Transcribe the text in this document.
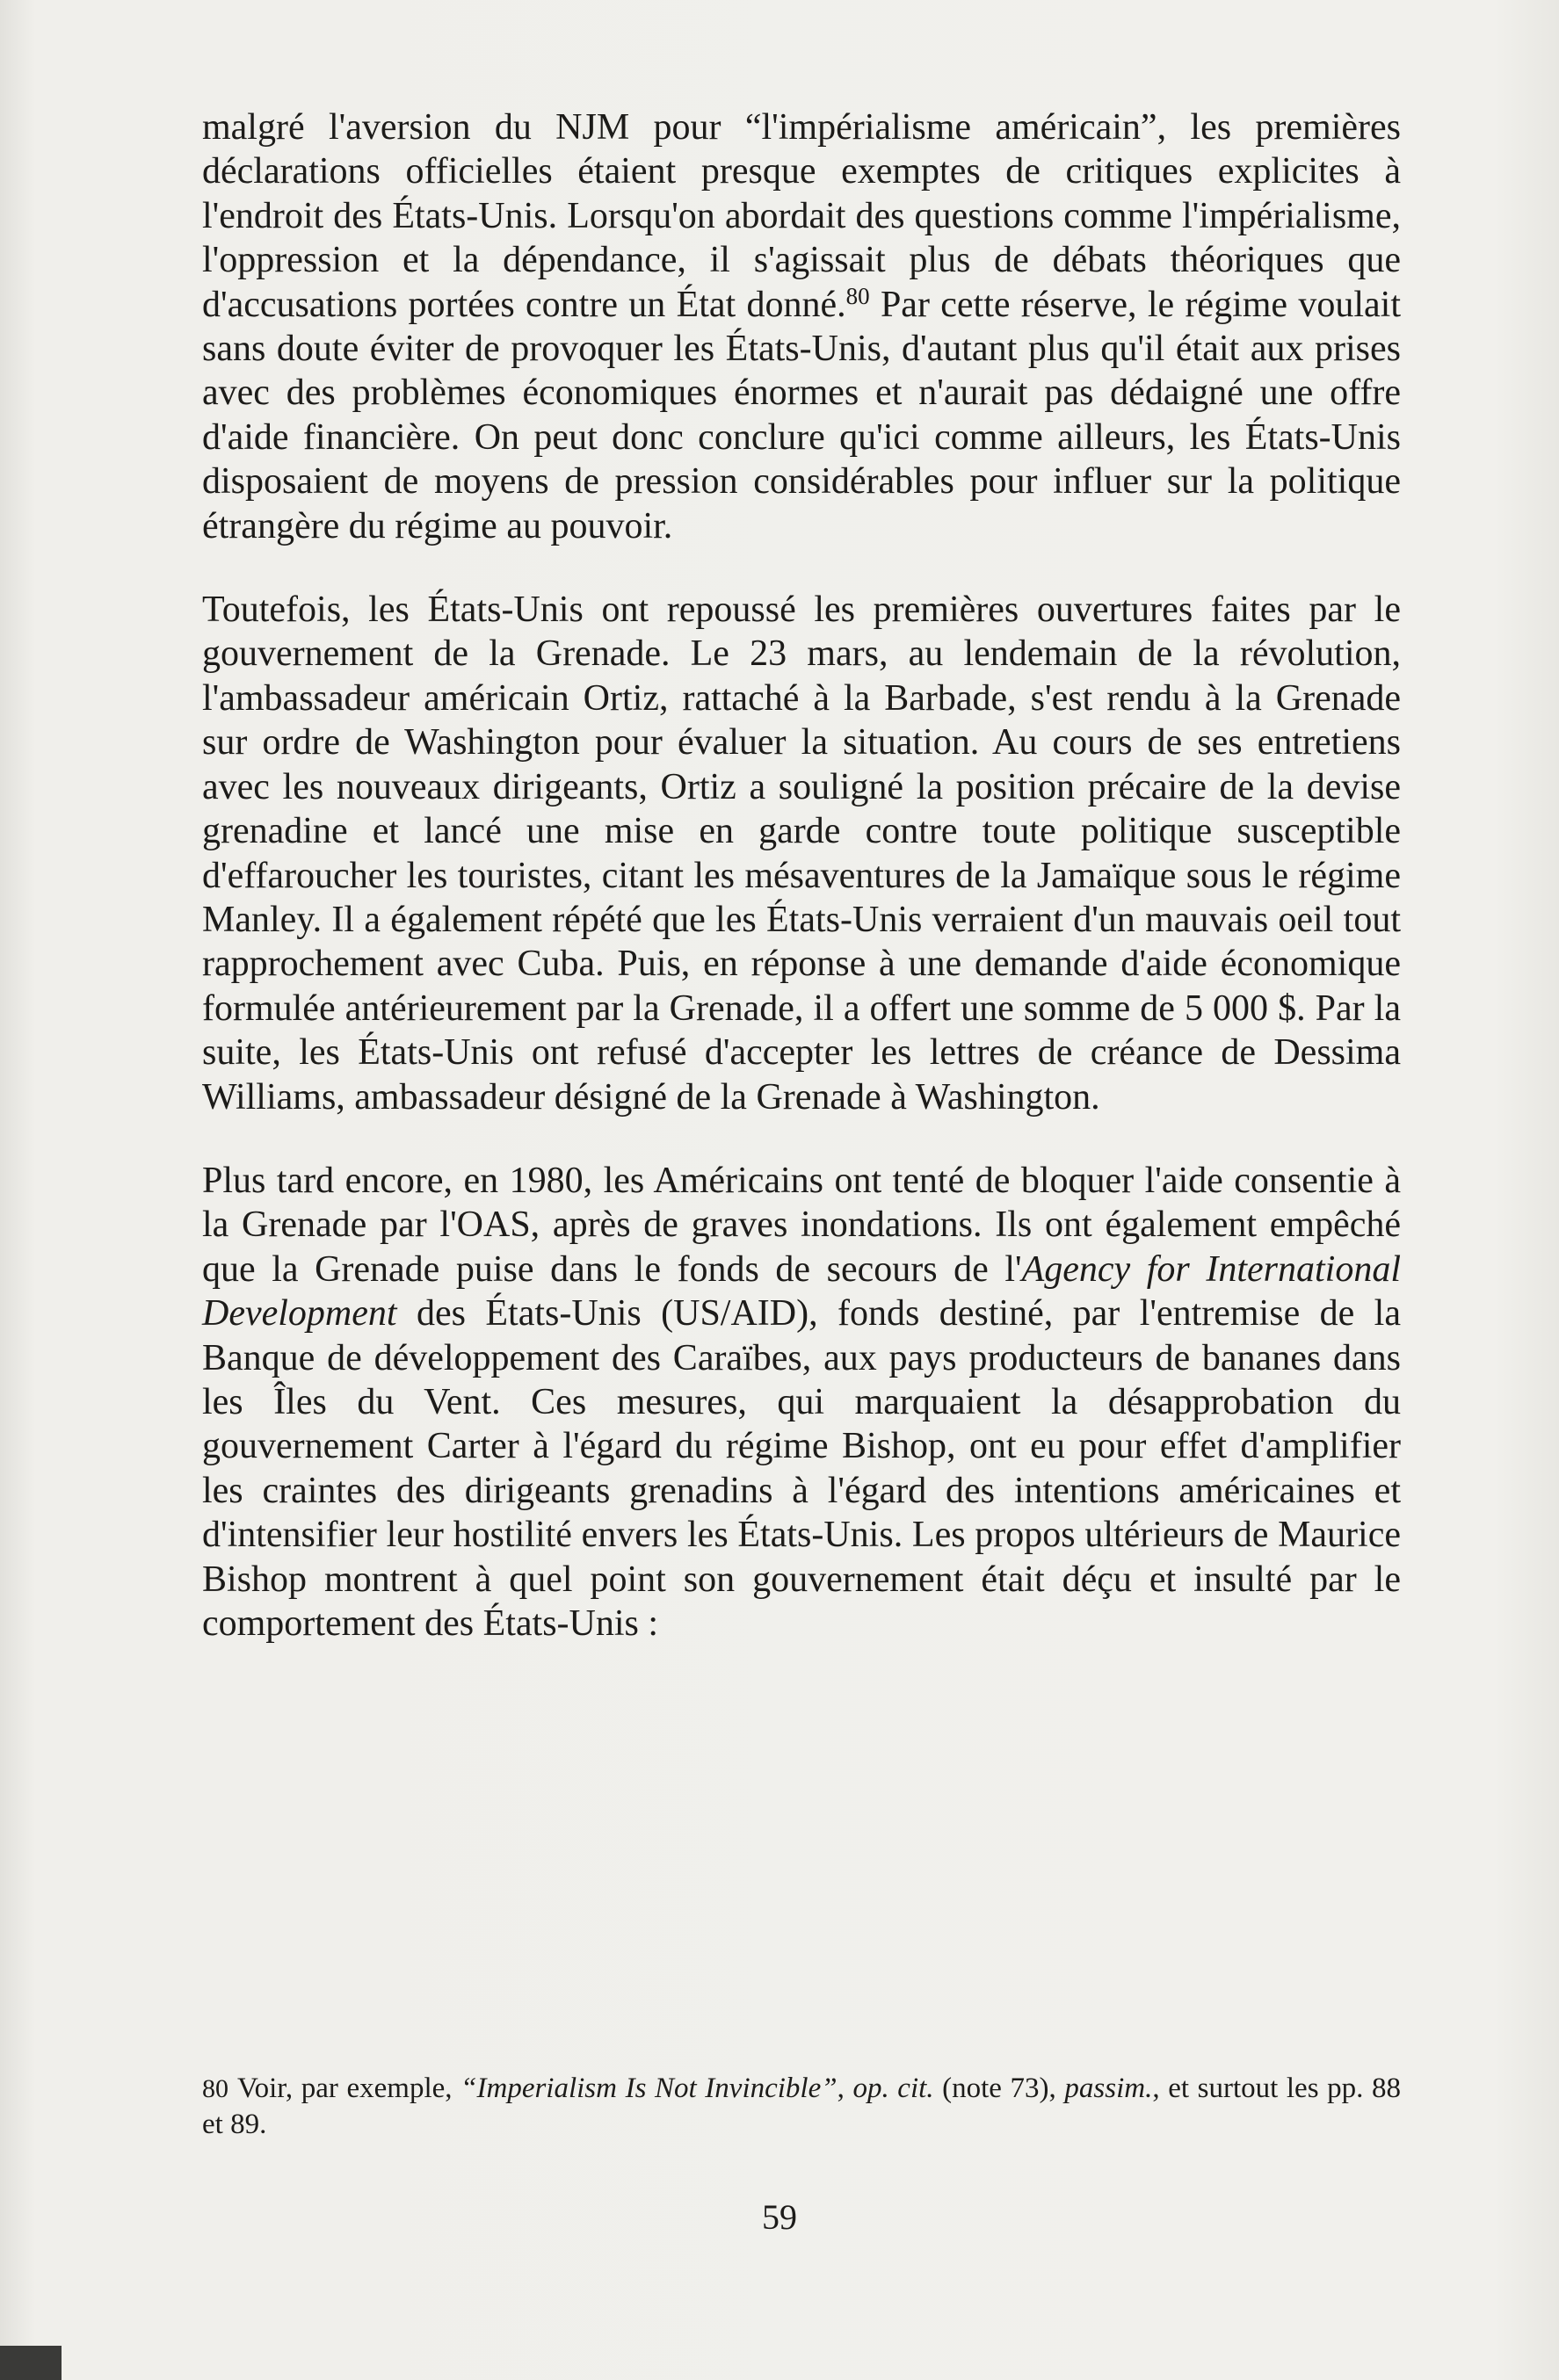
malgré l'aversion du NJM pour “l'impérialisme américain”, les premières déclarations officielles étaient presque exemptes de critiques explicites à l'endroit des États-Unis. Lorsqu'on abordait des questions comme l'impérialisme, l'oppression et la dépendance, il s'agissait plus de débats théoriques que d'accusations portées contre un État donné.$^{80}$ Par cette réserve, le régime voulait sans doute éviter de provoquer les États-Unis, d'autant plus qu'il était aux prises avec des problèmes économiques énormes et n'aurait pas dédaigné une offre d'aide financière. On peut donc conclure qu'ici comme ailleurs, les États-Unis disposaient de moyens de pression considérables pour influer sur la politique étrangère du régime au pouvoir.

Toutefois, les États-Unis ont repoussé les premières ouvertures faites par le gouvernement de la Grenade. Le 23 mars, au lendemain de la révolution, l'ambassadeur américain Ortiz, rattaché à la Barbade, s'est rendu à la Grenade sur ordre de Washington pour évaluer la situation. Au cours de ses entretiens avec les nouveaux dirigeants, Ortiz a souligné la position précaire de la devise grenadine et lancé une mise en garde contre toute politique susceptible d'effaroucher les touristes, citant les mésaventures de la Jamaïque sous le régime Manley. Il a également répété que les États-Unis verraient d'un mauvais oeil tout rapprochement avec Cuba. Puis, en réponse à une demande d'aide économique formulée antérieurement par la Grenade, il a offert une somme de 5 000 $. Par la suite, les États-Unis ont refusé d'accepter les lettres de créance de Dessima Williams, ambassadeur désigné de la Grenade à Washington.

Plus tard encore, en 1980, les Américains ont tenté de bloquer l'aide consentie à la Grenade par l'OAS, après de graves inondations. Ils ont également empêché que la Grenade puise dans le fonds de secours de l'Agency for International Development des États-Unis (US/AID), fonds destiné, par l'entremise de la Banque de développement des Caraïbes, aux pays producteurs de bananes dans les Îles du Vent. Ces mesures, qui marquaient la désapprobation du gouvernement Carter à l'égard du régime Bishop, ont eu pour effet d'amplifier les craintes des dirigeants grenadins à l'égard des intentions américaines et d'intensifier leur hostilité envers les États-Unis. Les propos ultérieurs de Maurice Bishop montrent à quel point son gouvernement était déçu et insulté par le comportement des États-Unis :

80 Voir, par exemple, “Imperialism Is Not Invincible”, op. cit. (note 73), passim., et surtout les pp. 88 et 89.
59
